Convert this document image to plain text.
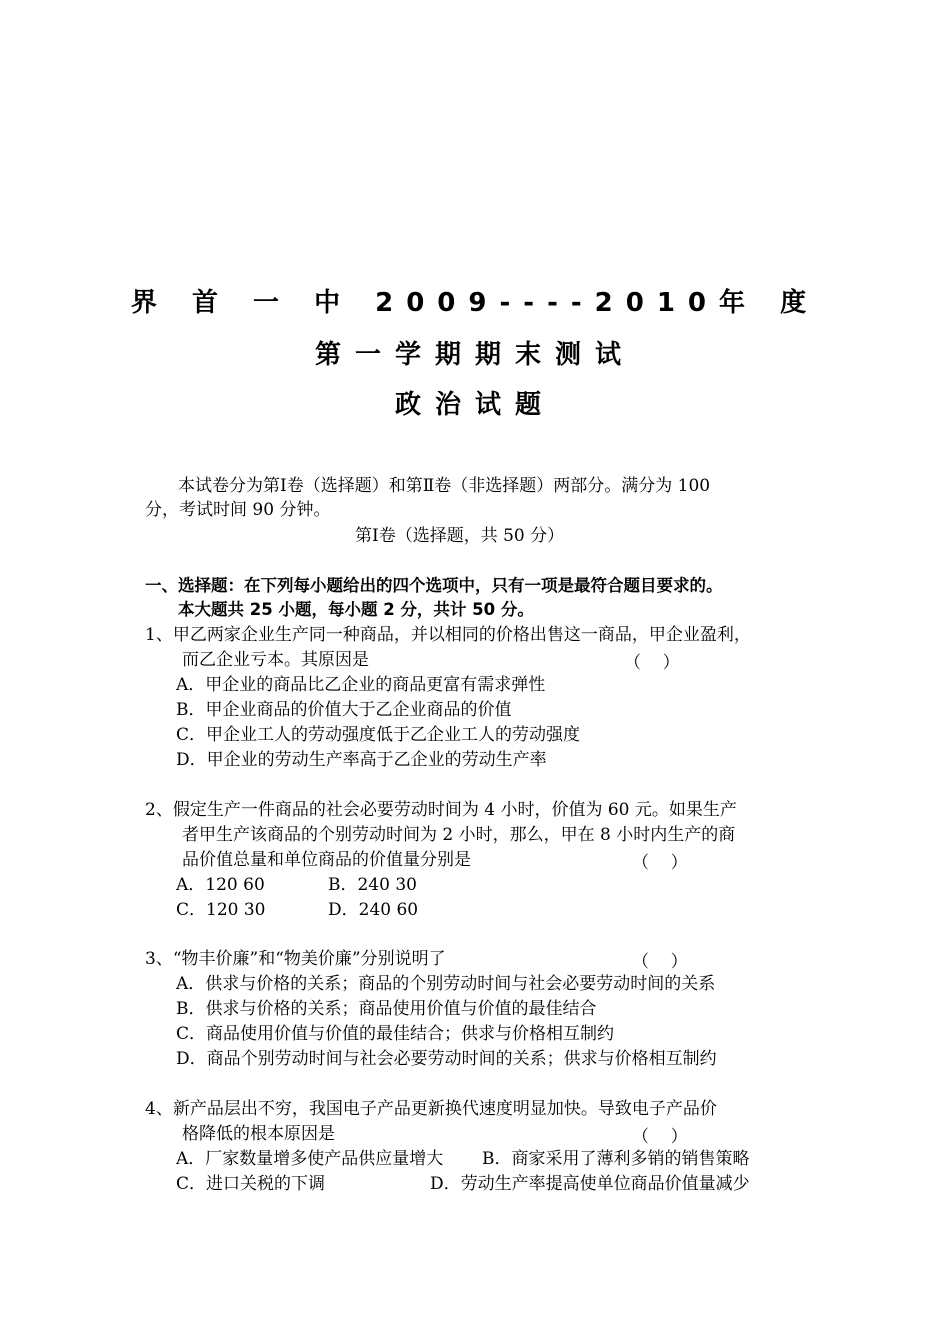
界 首 一 中 2009----2010年 度
第一学期期末测试
政治试题
本试卷分为第Ⅰ卷（选择题）和第Ⅱ卷（非选择题）两部分。满分为 100
分，考试时间 90 分钟。
第Ⅰ卷（选择题，共 50 分）
一、选择题：在下列每小题给出的四个选项中，只有一项是最符合题目要求的。
本大题共 25 小题，每小题 2 分，共计 50 分。
1、甲乙两家企业生产同一种商品，并以相同的价格出售这一商品，甲企业盈利，
而乙企业亏本。其原因是	（    ）
A．甲企业的商品比乙企业的商品更富有需求弹性
B．甲企业商品的价值大于乙企业商品的价值
C．甲企业工人的劳动强度低于乙企业工人的劳动强度
D．甲企业的劳动生产率高于乙企业的劳动生产率
2、假定生产一件商品的社会必要劳动时间为 4 小时，价值为 60 元。如果生产
者甲生产该商品的个别劳动时间为 2 小时，那么，甲在 8 小时内生产的商
品价值总量和单位商品的价值量分别是	（    ）
A．120 60	B．240 30
C．120 30	D．240 60
3、“物丰价廉”和“物美价廉”分别说明了	（    ）
A．供求与价格的关系；商品的个别劳动时间与社会必要劳动时间的关系
B．供求与价格的关系；商品使用价值与价值的最佳结合
C．商品使用价值与价值的最佳结合；供求与价格相互制约
D．商品个别劳动时间与社会必要劳动时间的关系；供求与价格相互制约
4、新产品层出不穷，我国电子产品更新换代速度明显加快。导致电子产品价
格降低的根本原因是	（    ）
A．厂家数量增多使产品供应量增大 B．商家采用了薄利多销的销售策略
C．进口关税的下调	D．劳动生产率提高使单位商品价值量减少
